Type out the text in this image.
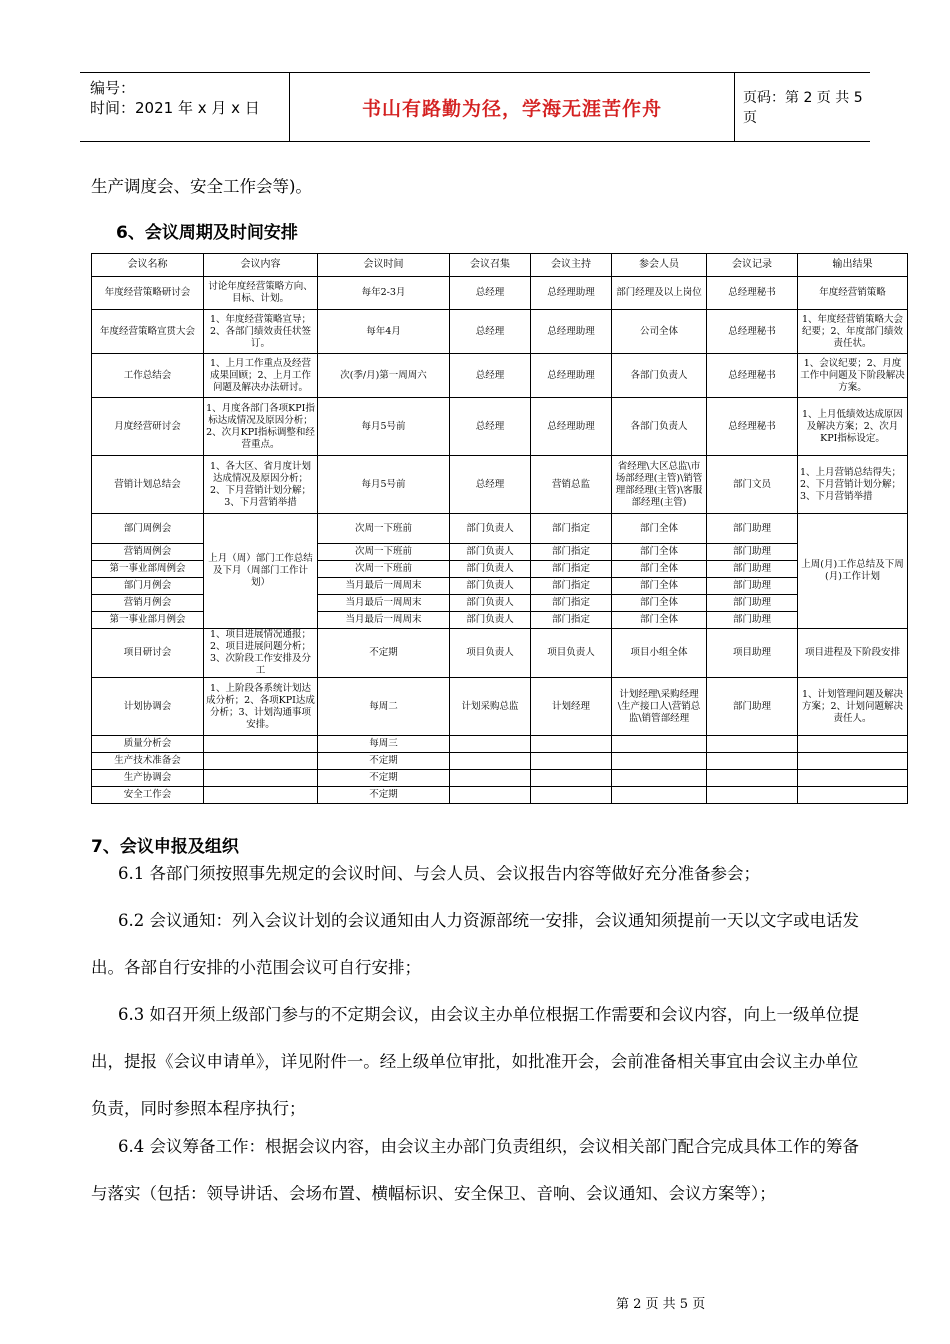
编号：
时间：2021 年 x 月 x 日	书山有路勤为径，学海无涯苦作舟	页码：第 2 页 共 5 页
生产调度会、安全工作会等)。
6、会议周期及时间安排
会议名称	会议内容	会议时间	会议召集	会议主持	参会人员	会议记录	输出结果
年度经营策略研讨会	讨论年度经营策略方向、目标、计划。	每年2-3月	总经理	总经理助理	部门经理及以上岗位	总经理秘书	年度经营销策略
年度经营策略宣贯大会	1、年度经营策略宣导；2、各部门绩效责任状签订。	每年4月	总经理	总经理助理	公司全体	总经理秘书	1、年度经营销策略大会纪要；2、年度部门绩效责任状。
工作总结会	1、上月工作重点及经营成果回顾；2、上月工作问题及解决办法研讨。	次(季/月)第一周周六	总经理	总经理助理	各部门负责人	总经理秘书	1、会议纪要；2、月度工作中问题及下阶段解决方案。
月度经营研讨会	1、月度各部门各项KPI指标达成情况及原因分析；2、次月KPI指标调整和经营重点。	每月5号前	总经理	总经理助理	各部门负责人	总经理秘书	1、上月低绩效达成原因及解决方案；2、次月KPI指标设定。
营销计划总结会	1、各大区、省月度计划达成情况及原因分析；2、下月营销计划分解；3、下月营销举措	每月5号前	总经理	营销总监	省经理\大区总监\市场部经理(主管)\销管理部经理(主管)\客服部经理(主管)	部门文员	1、上月营销总结得失；2、下月营销计划分解；3、下月营销举措
部门周例会	上月（周）部门工作总结及下月（周部门工作计划）	次周一下班前	部门负责人	部门指定	部门全体	部门助理	上周(月)工作总结及下周(月)工作计划
营销周例会		次周一下班前	部门负责人	部门指定	部门全体	部门助理	
第一事业部周例会		次周一下班前	部门负责人	部门指定	部门全体	部门助理	
部门月例会		当月最后一周周末	部门负责人	部门指定	部门全体	部门助理	
营销月例会		当月最后一周周末	部门负责人	部门指定	部门全体	部门助理	
第一事业部月例会		当月最后一周周末	部门负责人	部门指定	部门全体	部门助理	
项目研讨会	1、项目进展情况通报；2、项目进展问题分析；3、次阶段工作安排及分工	不定期	项目负责人	项目负责人	项目小组全体	项目助理	项目进程及下阶段安排
计划协调会	1、上阶段各系统计划达成分析；2、各项KPI达成分析；3、计划沟通事项安排。	每周二	计划采购总监	计划经理	计划经理\采购经理\生产接口人\营销总监\销管部经理	部门助理	1、计划管理问题及解决方案；2、计划问题解决责任人。
质量分析会		每周三					
生产技术准备会		不定期					
生产协调会		不定期					
安全工作会		不定期					
7、会议申报及组织
6.1 各部门须按照事先规定的会议时间、与会人员、会议报告内容等做好充分准备参会；
6.2 会议通知：列入会议计划的会议通知由人力资源部统一安排，会议通知须提前一天以文字或电话发出。各部自行安排的小范围会议可自行安排；
6.3 如召开须上级部门参与的不定期会议，由会议主办单位根据工作需要和会议内容，向上一级单位提出，提报《会议申请单》，详见附件一。经上级单位审批，如批准开会，会前准备相关事宜由会议主办单位负责，同时参照本程序执行；
6.4 会议筹备工作：根据会议内容，由会议主办部门负责组织，会议相关部门配合完成具体工作的筹备与落实（包括：领导讲话、会场布置、横幅标识、安全保卫、音响、会议通知、会议方案等）；
第 2 页 共 5 页
